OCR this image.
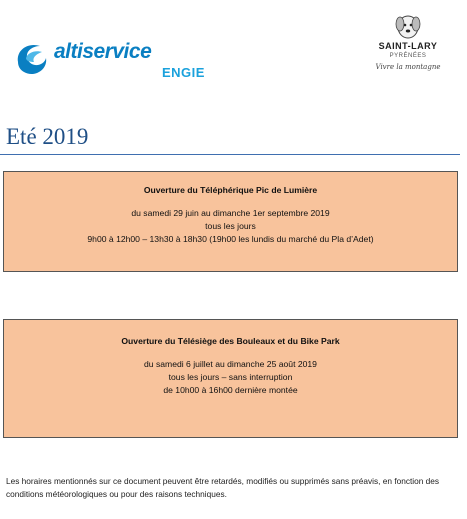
altiservice
ENGIE
SAINT-LARY
PYRÉNÉES
Vivre la montagne
Eté 2019
Ouverture du Téléphérique Pic de Lumière
du samedi 29 juin au dimanche 1er septembre 2019
tous les jours
9h00 à 12h00 – 13h30 à 18h30 (19h00 les lundis du marché du Pla d’Adet)
Ouverture du Télésiège des Bouleaux et du Bike Park
du samedi 6 juillet au dimanche 25 août 2019
tous les jours – sans interruption
de 10h00 à 16h00 dernière montée
Les horaires mentionnés sur ce document peuvent être retardés, modifiés ou supprimés sans préavis, en fonction des conditions météorologiques ou pour des raisons techniques.
